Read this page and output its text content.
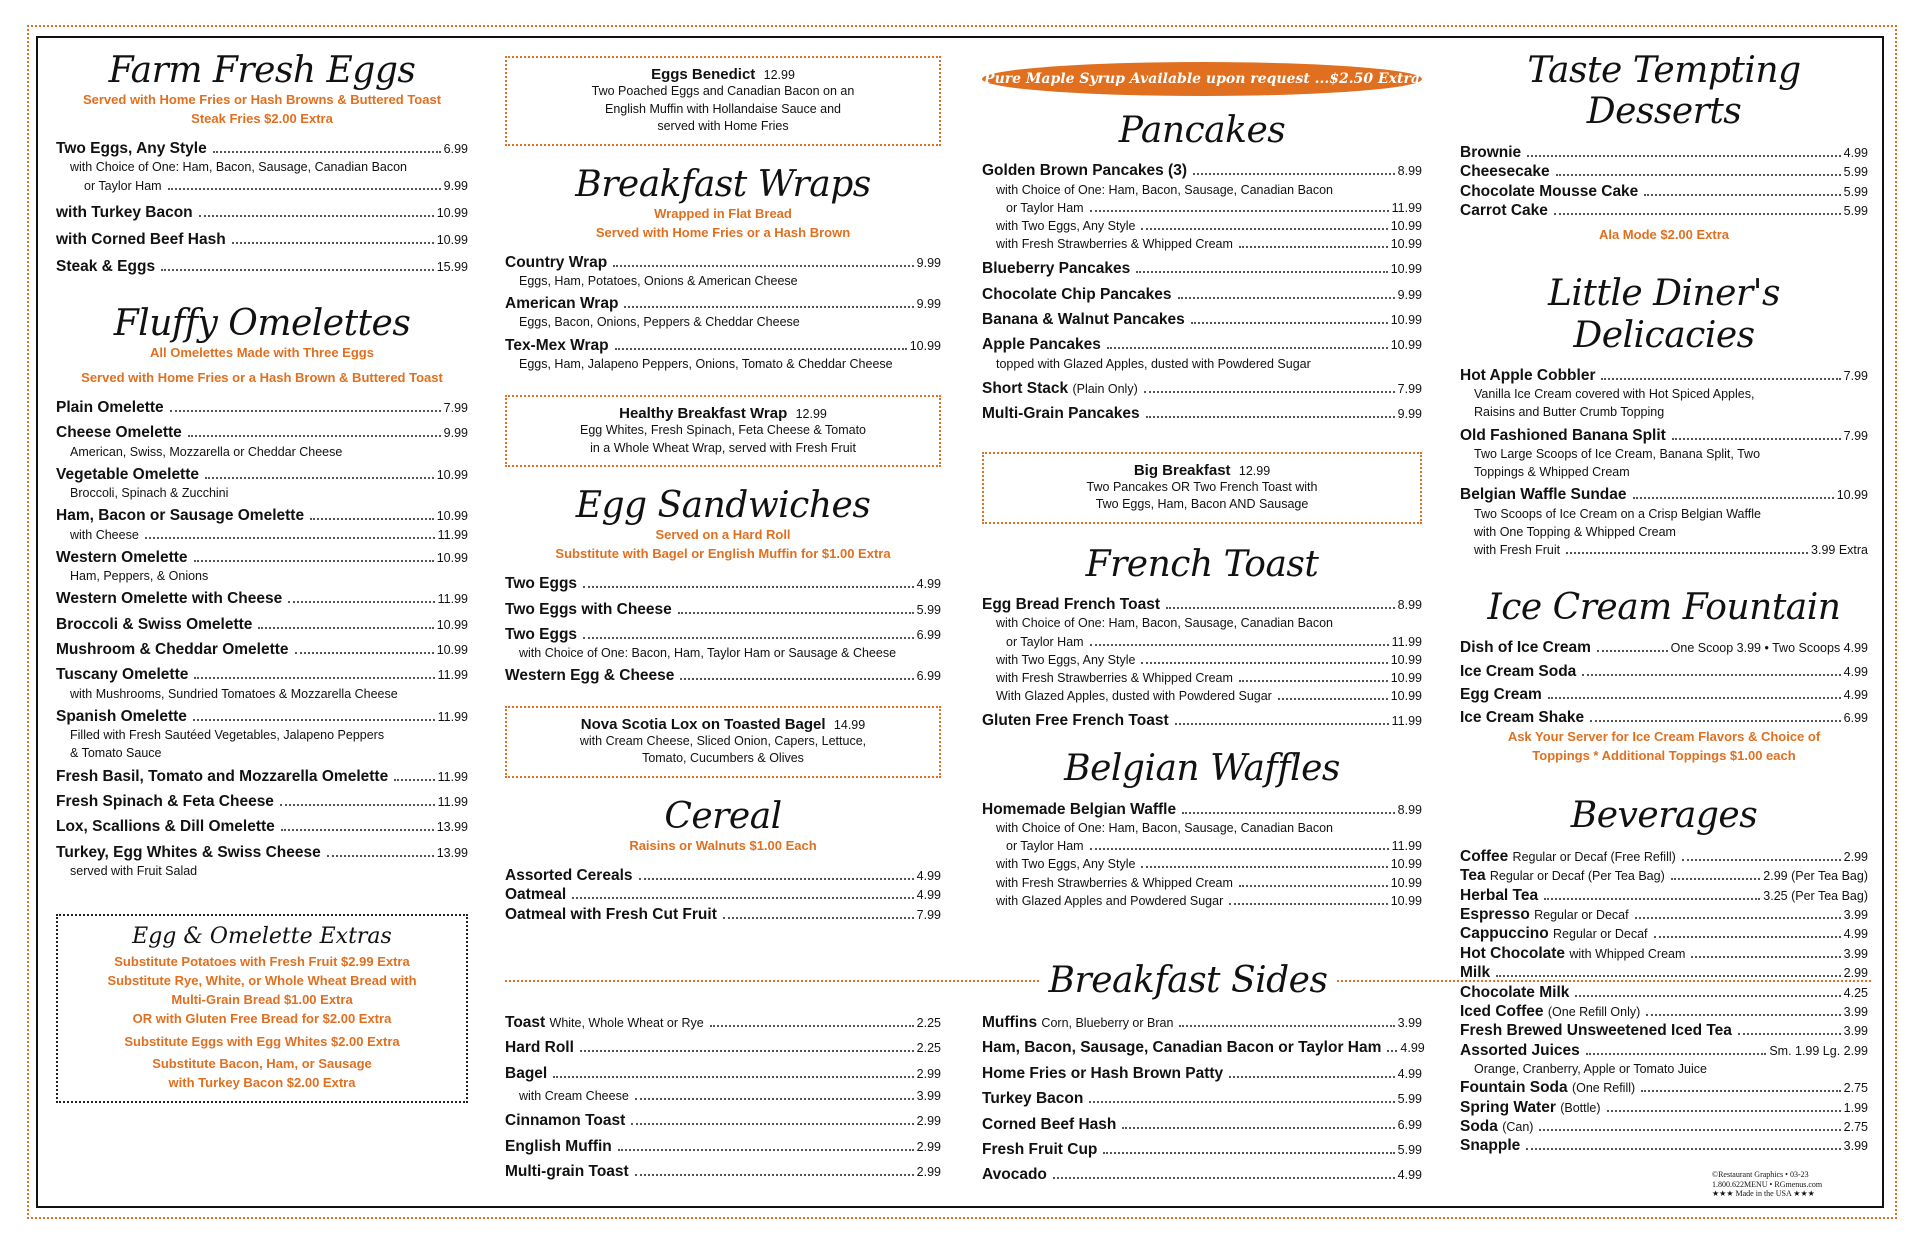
Farm Fresh Eggs
Served with Home Fries or Hash Browns & Buttered Toast
Steak Fries $2.00 Extra
Two Eggs, Any Style	6.99
with Choice of One: Ham, Bacon, Sausage, Canadian Bacon
or Taylor Ham	9.99
with Turkey Bacon	10.99
with Corned Beef Hash	10.99
Steak & Eggs	15.99
Fluffy Omelettes
All Omelettes Made with Three Eggs
Served with Home Fries or a Hash Brown & Buttered Toast
Plain Omelette	7.99
Cheese Omelette	9.99
American, Swiss, Mozzarella or Cheddar Cheese
Vegetable Omelette	10.99
Broccoli, Spinach & Zucchini
Ham, Bacon or Sausage Omelette	10.99
with Cheese	11.99
Western Omelette	10.99
Ham, Peppers, & Onions
Western Omelette with Cheese	11.99
Broccoli & Swiss Omelette	10.99
Mushroom & Cheddar Omelette	10.99
Tuscany Omelette	11.99
with Mushrooms, Sundried Tomatoes & Mozzarella Cheese
Spanish Omelette	11.99
Filled with Fresh Sautéed Vegetables, Jalapeno Peppers
& Tomato Sauce
Fresh Basil, Tomato and Mozzarella Omelette	11.99
Fresh Spinach & Feta Cheese	11.99
Lox, Scallions & Dill Omelette	13.99
Turkey, Egg Whites & Swiss Cheese	13.99
served with Fruit Salad
Egg & Omelette Extras
Substitute Potatoes with Fresh Fruit $2.99 Extra
Substitute Rye, White, or Whole Wheat Bread with
Multi-Grain Bread $1.00 Extra
OR with Gluten Free Bread for $2.00 Extra
Substitute Eggs with Egg Whites $2.00 Extra
Substitute Bacon, Ham, or Sausage
with Turkey Bacon $2.00 Extra
Eggs Benedict 12.99
Two Poached Eggs and Canadian Bacon on an
English Muffin with Hollandaise Sauce and
served with Home Fries
Breakfast Wraps
Wrapped in Flat Bread
Served with Home Fries or a Hash Brown
Country Wrap	9.99
Eggs, Ham, Potatoes, Onions & American Cheese
American Wrap	9.99
Eggs, Bacon, Onions, Peppers & Cheddar Cheese
Tex-Mex Wrap	10.99
Eggs, Ham, Jalapeno Peppers, Onions, Tomato & Cheddar Cheese
Healthy Breakfast Wrap 12.99
Egg Whites, Fresh Spinach, Feta Cheese & Tomato
in a Whole Wheat Wrap, served with Fresh Fruit
Egg Sandwiches
Served on a Hard Roll
Substitute with Bagel or English Muffin for $1.00 Extra
Two Eggs	4.99
Two Eggs with Cheese	5.99
Two Eggs	6.99
with Choice of One: Bacon, Ham, Taylor Ham or Sausage & Cheese
Western Egg & Cheese	6.99
Nova Scotia Lox on Toasted Bagel 14.99
with Cream Cheese, Sliced Onion, Capers, Lettuce,
Tomato, Cucumbers & Olives
Cereal
Raisins or Walnuts $1.00 Each
Assorted Cereals	4.99
Oatmeal	4.99
Oatmeal with Fresh Cut Fruit	7.99
Pure Maple Syrup Available upon request ...$2.50 Extra
Pancakes
Golden Brown Pancakes (3)	8.99
with Choice of One: Ham, Bacon, Sausage, Canadian Bacon
or Taylor Ham	11.99
with Two Eggs, Any Style	10.99
with Fresh Strawberries & Whipped Cream	10.99
Blueberry Pancakes	10.99
Chocolate Chip Pancakes	9.99
Banana & Walnut Pancakes	10.99
Apple Pancakes	10.99
topped with Glazed Apples, dusted with Powdered Sugar
Short Stack (Plain Only)	7.99
Multi-Grain Pancakes	9.99
Big Breakfast 12.99
Two Pancakes OR Two French Toast with
Two Eggs, Ham, Bacon AND Sausage
French Toast
Egg Bread French Toast	8.99
with Choice of One: Ham, Bacon, Sausage, Canadian Bacon
or Taylor Ham	11.99
with Two Eggs, Any Style	10.99
with Fresh Strawberries & Whipped Cream	10.99
With Glazed Apples, dusted with Powdered Sugar	10.99
Gluten Free French Toast	11.99
Belgian Waffles
Homemade Belgian Waffle	8.99
with Choice of One: Ham, Bacon, Sausage, Canadian Bacon
or Taylor Ham	11.99
with Two Eggs, Any Style	10.99
with Fresh Strawberries & Whipped Cream	10.99
with Glazed Apples and Powdered Sugar	10.99
Taste Tempting Desserts
Brownie	4.99
Cheesecake	5.99
Chocolate Mousse Cake	5.99
Carrot Cake	5.99
Ala Mode $2.00 Extra
Little Diner's Delicacies
Hot Apple Cobbler	7.99
Vanilla Ice Cream covered with Hot Spiced Apples,
Raisins and Butter Crumb Topping
Old Fashioned Banana Split	7.99
Two Large Scoops of Ice Cream, Banana Split, Two
Toppings & Whipped Cream
Belgian Waffle Sundae	10.99
Two Scoops of Ice Cream on a Crisp Belgian Waffle
with One Topping & Whipped Cream
with Fresh Fruit	3.99 Extra
Ice Cream Fountain
Dish of Ice Cream	One Scoop 3.99 • Two Scoops 4.99
Ice Cream Soda	4.99
Egg Cream	4.99
Ice Cream Shake	6.99
Ask Your Server for Ice Cream Flavors & Choice of
Toppings * Additional Toppings $1.00 each
Beverages
Coffee Regular or Decaf (Free Refill)	2.99
Tea Regular or Decaf (Per Tea Bag)	2.99 (Per Tea Bag)
Herbal Tea	3.25 (Per Tea Bag)
Espresso Regular or Decaf	3.99
Cappuccino Regular or Decaf	4.99
Hot Chocolate with Whipped Cream	3.99
Milk	2.99
Chocolate Milk	4.25
Iced Coffee (One Refill Only)	3.99
Fresh Brewed Unsweetened Iced Tea	3.99
Assorted Juices	Sm. 1.99 Lg. 2.99
Orange, Cranberry, Apple or Tomato Juice
Fountain Soda (One Refill)	2.75
Spring Water (Bottle)	1.99
Soda (Can)	2.75
Snapple	3.99
Breakfast Sides
Toast White, Whole Wheat or Rye	2.25
Hard Roll	2.25
Bagel	2.99
with Cream Cheese	3.99
Cinnamon Toast	2.99
English Muffin	2.99
Multi-grain Toast	2.99
Muffins Corn, Blueberry or Bran	3.99
Ham, Bacon, Sausage, Canadian Bacon or Taylor Ham 4.99
Home Fries or Hash Brown Patty	4.99
Turkey Bacon	5.99
Corned Beef Hash	6.99
Fresh Fruit Cup	5.99
Avocado	4.99	©Restaurant Graphics • 03-23
1.800.622MENU • RGmenus.com
★★★ Made in the USA ★★★
